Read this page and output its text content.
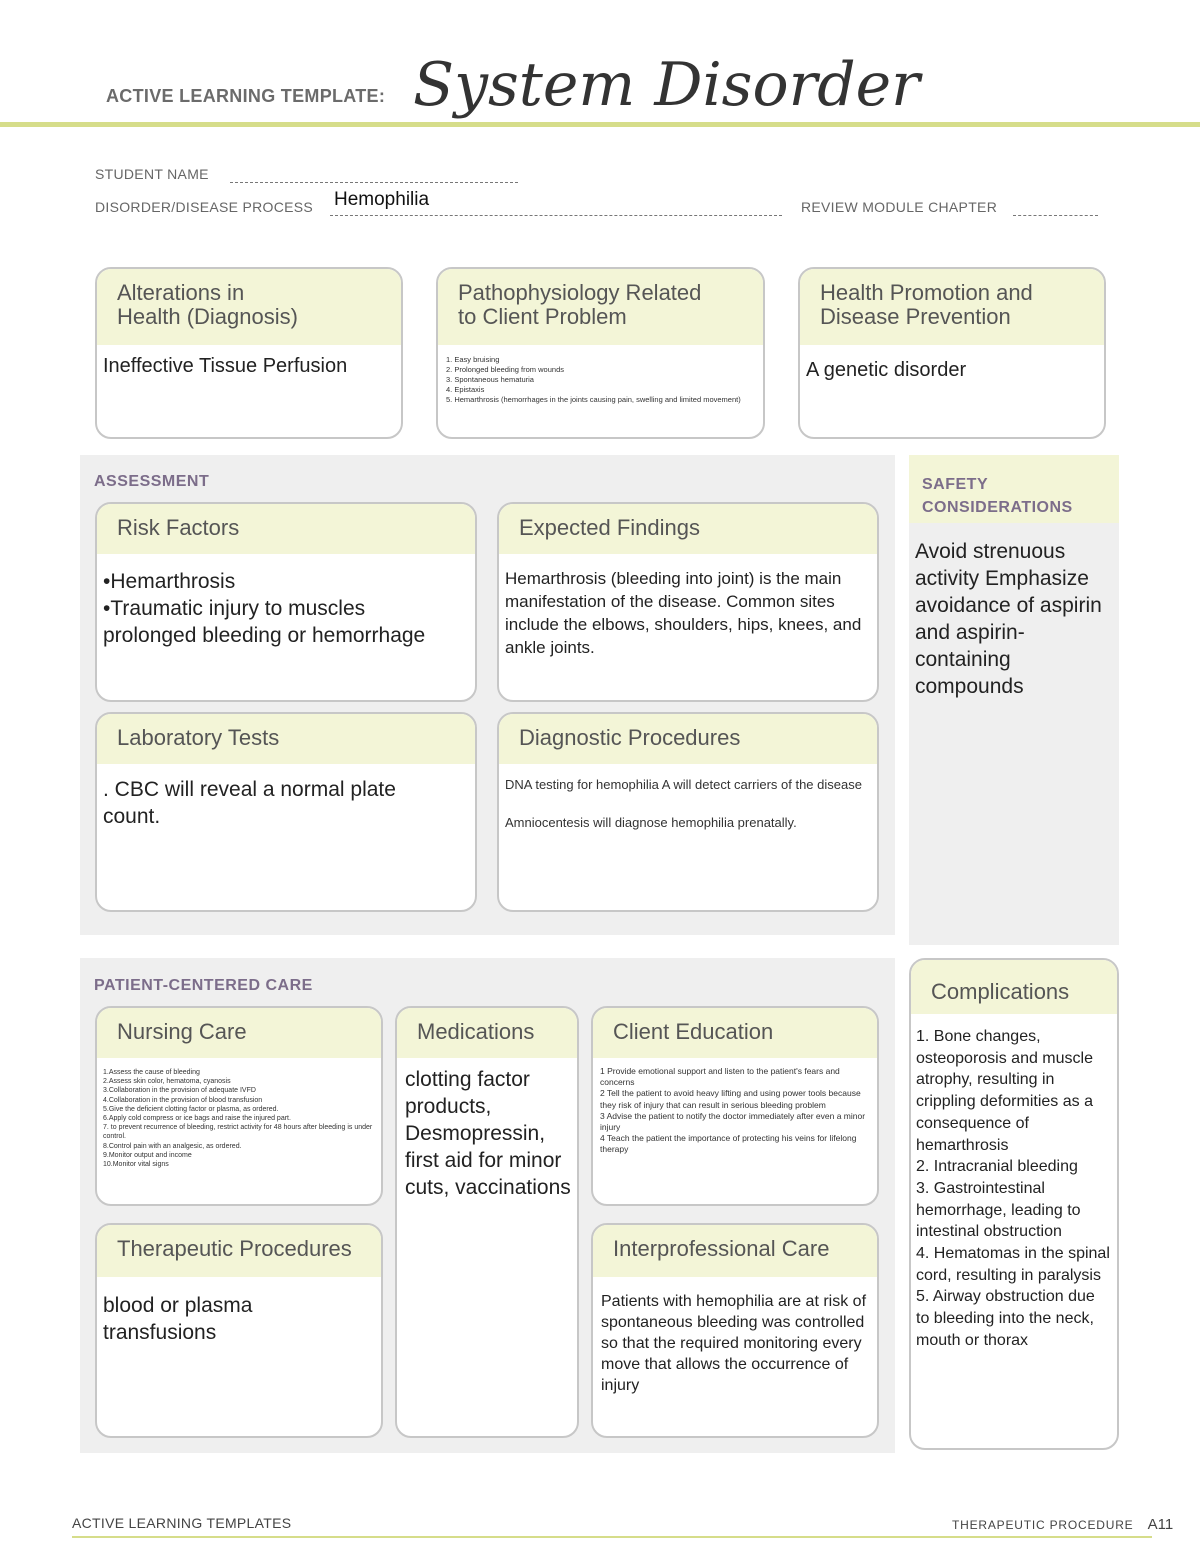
ACTIVE LEARNING TEMPLATE: System Disorder
STUDENT NAME
DISORDER/DISEASE PROCESS Hemophilia	REVIEW MODULE CHAPTER
Alterations in
Health (Diagnosis)
Ineffective Tissue Perfusion
Pathophysiology Related
to Client Problem
1. Easy bruising
2. Prolonged bleeding from wounds
3. Spontaneous hematuria
4. Epistaxis
5. Hemarthrosis (hemorrhages in the joints causing pain, swelling and limited movement)
Health Promotion and
Disease Prevention
A genetic disorder
ASSESSMENT
Risk Factors
•Hemarthrosis
•Traumatic injury to muscles
prolonged bleeding or hemorrhage
Expected Findings
Hemarthrosis (bleeding into joint) is the main manifestation of the disease. Common sites include the elbows, shoulders, hips, knees, and ankle joints.
Laboratory Tests
. CBC will reveal a normal plate count.
Diagnostic Procedures
DNA testing for hemophilia A will detect carriers of the disease
Amniocentesis will diagnose hemophilia prenatally.
SAFETY
CONSIDERATIONS
Avoid strenuous activity Emphasize avoidance of aspirin and aspirin-containing compounds
PATIENT-CENTERED CARE
Nursing Care
1.Assess the cause of bleeding
2.Assess skin color, hematoma, cyanosis
3.Collaboration in the provision of adequate IVFD
4.Collaboration in the provision of blood transfusion
5.Give the deficient clotting factor or plasma, as ordered.
6.Apply cold compress or ice bags and raise the injured part.
7. to prevent recurrence of bleeding, restrict activity for 48 hours after bleeding is under control.
8.Control pain with an analgesic, as ordered.
9.Monitor output and income
10.Monitor vital signs
Medications
clotting factor products, Desmopressin, first aid for minor cuts, vaccinations
Client Education
1 Provide emotional support and listen to the patient's fears and concerns
2 Tell the patient to avoid heavy lifting and using power tools because they risk of injury that can result in serious bleeding problem
3 Advise the patient to notify the doctor immediately after even a minor injury
4 Teach the patient the importance of protecting his veins for lifelong therapy
Therapeutic Procedures
blood or plasma transfusions
Interprofessional Care
Patients with hemophilia are at risk of spontaneous bleeding was controlled so that the required monitoring every move that allows the occurrence of injury
Complications
1. Bone changes, osteoporosis and muscle atrophy, resulting in crippling deformities as a consequence of hemarthrosis
2. Intracranial bleeding
3. Gastrointestinal hemorrhage, leading to intestinal obstruction
4. Hematomas in the spinal cord, resulting in paralysis
5. Airway obstruction due to bleeding into the neck, mouth or thorax
ACTIVE LEARNING TEMPLATES	THERAPEUTIC PROCEDURE A11
